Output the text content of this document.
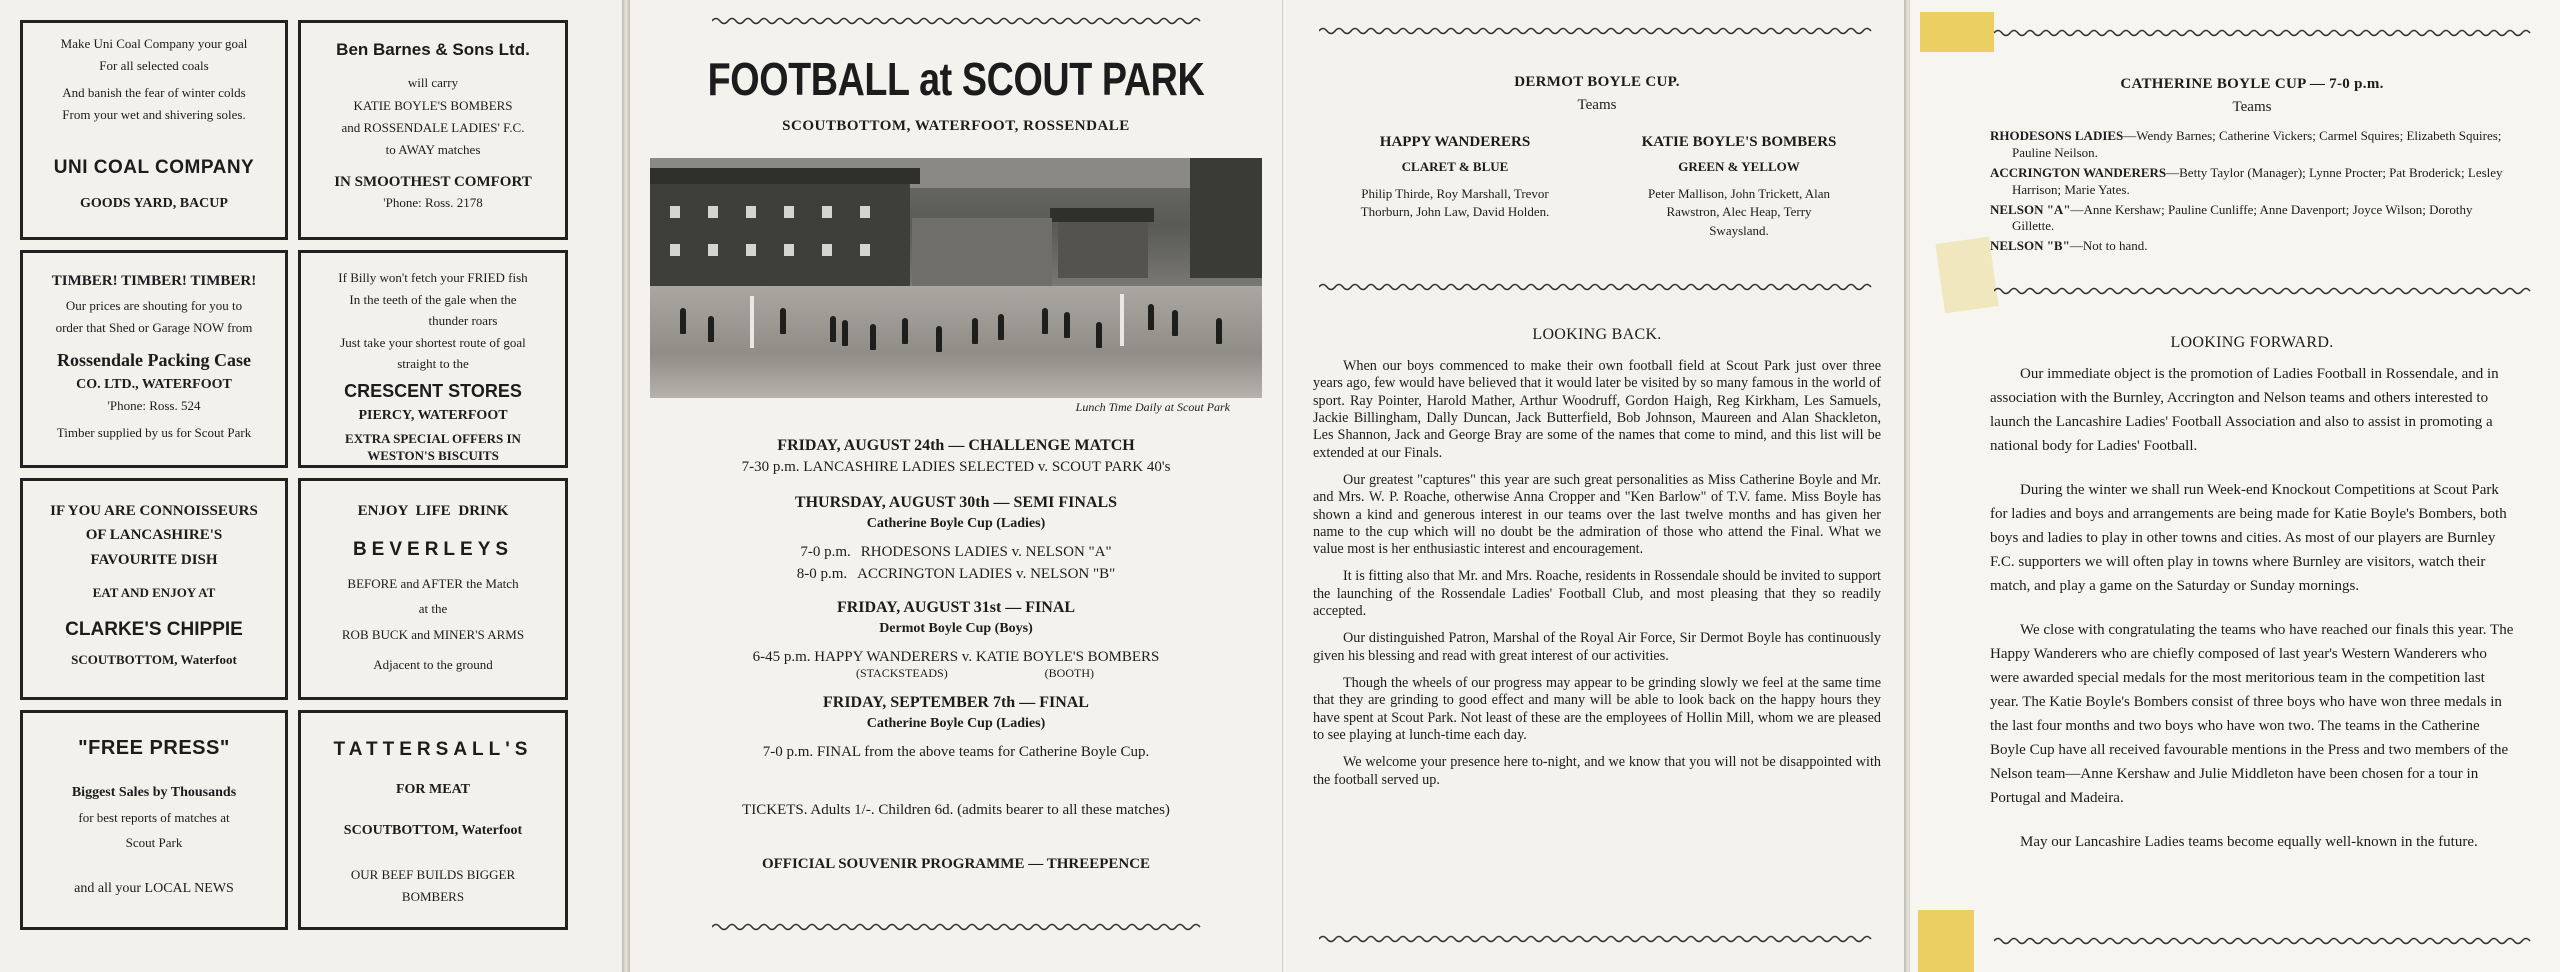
Make Uni Coal Company your goal

For all selected coals

And banish the fear of winter colds

From your wet and shivering soles.

UNI COAL COMPANY
GOODS YARD, BACUP
Ben Barnes & Sons Ltd.

will carry

KATIE BOYLE'S BOMBERS

and ROSSENDALE LADIES' F.C.

to AWAY matches

IN SMOOTHEST COMFORT

'Phone: Ross. 2178

TIMBER! TIMBER! TIMBER!

Our prices are shouting for you to

order that Shed or Garage NOW from

Rossendale Packing Case
CO. LTD., WATERFOOT

'Phone: Ross. 524

Timber supplied by us for Scout Park

If Billy won't fetch your FRIED fish

In the teeth of the gale when the

thunder roars

Just take your shortest route of goal

straight to the

CRESCENT STORES
PIERCY, WATERFOOT
EXTRA SPECIAL OFFERS IN
WESTON'S BISCUITS
IF YOU ARE CONNOISSEURS
OF LANCASHIRE'S
FAVOURITE DISH
EAT AND ENJOY AT
CLARKE'S CHIPPIE
SCOUTBOTTOM, Waterfoot
ENJOY LIFE DRINK
BEVERLEYS

BEFORE and AFTER the Match

at the

ROB BUCK and MINER'S ARMS

Adjacent to the ground

"FREE PRESS"
Biggest Sales by Thousands

for best reports of matches at

Scout Park

and all your LOCAL NEWS

TATTERSALL'S
FOR MEAT
SCOUTBOTTOM, Waterfoot

OUR BEEF BUILDS BIGGER

BOMBERS

FOOTBALL at SCOUT PARK
SCOUTBOTTOM, WATERFOOT, ROSSENDALE
Lunch Time Daily at Scout Park
FRIDAY, AUGUST 24th — CHALLENGE MATCH
7-30 p.m. LANCASHIRE LADIES SELECTED v. SCOUT PARK 40's
THURSDAY, AUGUST 30th — SEMI FINALS
Catherine Boyle Cup (Ladies)
7-0 p.m. RHODESONS LADIES v. NELSON "A"
8-0 p.m. ACCRINGTON LADIES v. NELSON "B"
FRIDAY, AUGUST 31st — FINAL
Dermot Boyle Cup (Boys)
6-45 p.m. HAPPY WANDERERS v. KATIE BOYLE'S BOMBERS
(STACKSTEADS)	(BOOTH)
FRIDAY, SEPTEMBER 7th — FINAL
Catherine Boyle Cup (Ladies)
7-0 p.m. FINAL from the above teams for Catherine Boyle Cup.
TICKETS. Adults 1/-. Children 6d. (admits bearer to all these matches)
OFFICIAL SOUVENIR PROGRAMME — THREEPENCE
DERMOT BOYLE CUP.
Teams
HAPPY WANDERERS
CLARET & BLUE
Philip Thirde, Roy Marshall, Trevor Thorburn, John Law, David Holden.
KATIE BOYLE'S BOMBERS
GREEN & YELLOW
Peter Mallison, John Trickett, Alan Rawstron, Alec Heap, Terry Swaysland.
LOOKING BACK.

When our boys commenced to make their own football field at Scout Park just over three years ago, few would have believed that it would later be visited by so many famous in the world of sport. Ray Pointer, Harold Mather, Arthur Woodruff, Gordon Haigh, Reg Kirkham, Les Samuels, Jackie Billingham, Dally Duncan, Jack Butterfield, Bob Johnson, Maureen and Alan Shackleton, Les Shannon, Jack and George Bray are some of the names that come to mind, and this list will be extended at our Finals.

Our greatest "captures" this year are such great personalities as Miss Catherine Boyle and Mr. and Mrs. W. P. Roache, otherwise Anna Cropper and "Ken Barlow" of T.V. fame. Miss Boyle has shown a kind and generous interest in our teams over the last twelve months and has given her name to the cup which will no doubt be the admiration of those who attend the Final. What we value most is her enthusiastic interest and encouragement.

It is fitting also that Mr. and Mrs. Roache, residents in Rossendale should be invited to support the launching of the Rossendale Ladies' Football Club, and most pleasing that they so readily accepted.

Our distinguished Patron, Marshal of the Royal Air Force, Sir Dermot Boyle has continuously given his blessing and read with great interest of our activities.

Though the wheels of our progress may appear to be grinding slowly we feel at the same time that they are grinding to good effect and many will be able to look back on the happy hours they have spent at Scout Park. Not least of these are the employees of Hollin Mill, whom we are pleased to see playing at lunch-time each day.

We welcome your presence here to-night, and we know that you will not be disappointed with the football served up.

CATHERINE BOYLE CUP — 7-0 p.m.
Teams
RHODESONS LADIES—Wendy Barnes; Catherine Vickers; Carmel Squires; Elizabeth Squires; Pauline Neilson.
ACCRINGTON WANDERERS—Betty Taylor (Manager); Lynne Procter; Pat Broderick; Lesley Harrison; Marie Yates.
NELSON "A"—Anne Kershaw; Pauline Cunliffe; Anne Davenport; Joyce Wilson; Dorothy Gillette.
NELSON "B"—Not to hand.
LOOKING FORWARD.

Our immediate object is the promotion of Ladies Football in Rossendale, and in association with the Burnley, Accrington and Nelson teams and others interested to launch the Lancashire Ladies' Football Association and also to assist in promoting a national body for Ladies' Football.

During the winter we shall run Week-end Knockout Competitions at Scout Park for ladies and boys and arrangements are being made for Katie Boyle's Bombers, both boys and ladies to play in other towns and cities. As most of our players are Burnley F.C. supporters we will often play in towns where Burnley are visitors, watch their match, and play a game on the Saturday or Sunday mornings.

We close with congratulating the teams who have reached our finals this year. The Happy Wanderers who are chiefly composed of last year's Western Wanderers who were awarded special medals for the most meritorious team in the competition last year. The Katie Boyle's Bombers consist of three boys who have won three medals in the last four months and two boys who have won two. The teams in the Catherine Boyle Cup have all received favourable mentions in the Press and two members of the Nelson team—Anne Kershaw and Julie Middleton have been chosen for a tour in Portugal and Madeira.

May our Lancashire Ladies teams become equally well-known in the future.
